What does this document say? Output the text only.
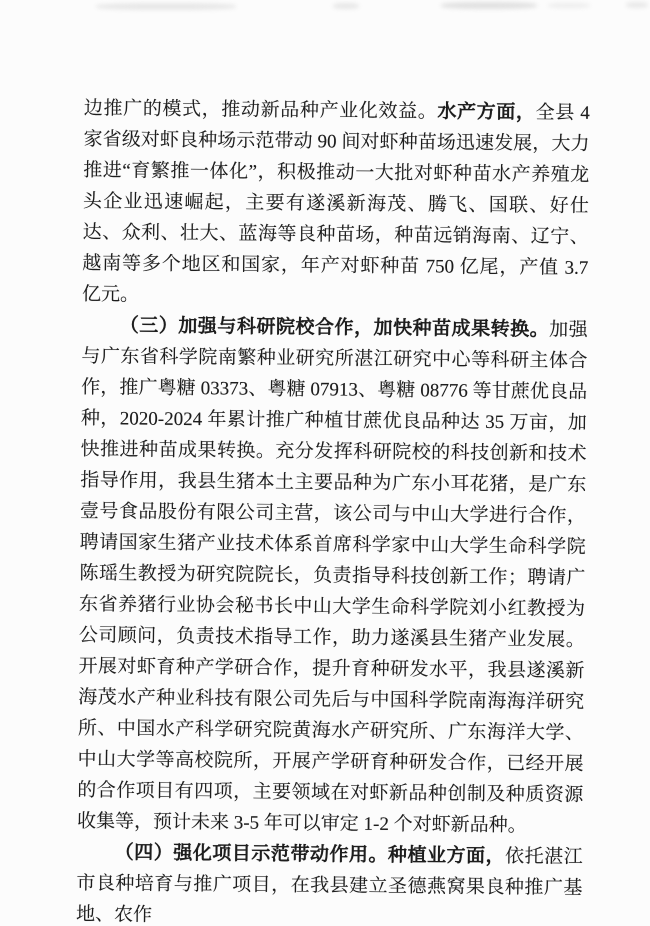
边推广的模式，推动新品种产业化效益。水产方面，全县 4 家省级对虾良种场示范带动 90 间对虾种苗场迅速发展，大力推进“育繁推一体化”，积极推动一大批对虾种苗水产养殖龙头企业迅速崛起，主要有遂溪新海茂、腾飞、国联、好仕达、众利、壮大、蓝海等良种苗场，种苗远销海南、辽宁、越南等多个地区和国家，年产对虾种苗 750 亿尾，产值 3.7 亿元。

（三）加强与科研院校合作，加快种苗成果转换。加强与广东省科学院南繁种业研究所湛江研究中心等科研主体合作，推广粤糖 03373、粤糖 07913、粤糖 08776 等甘蔗优良品种，2020-2024 年累计推广种植甘蔗优良品种达 35 万亩，加快推进种苗成果转换。充分发挥科研院校的科技创新和技术指导作用，我县生猪本土主要品种为广东小耳花猪，是广东壹号食品股份有限公司主营，该公司与中山大学进行合作，聘请国家生猪产业技术体系首席科学家中山大学生命科学院陈瑶生教授为研究院院长，负责指导科技创新工作；聘请广东省养猪行业协会秘书长中山大学生命科学院刘小红教授为公司顾问，负责技术指导工作，助力遂溪县生猪产业发展。开展对虾育种产学研合作，提升育种研发水平，我县遂溪新海茂水产种业科技有限公司先后与中国科学院南海海洋研究所、中国水产科学研究院黄海水产研究所、广东海洋大学、中山大学等高校院所，开展产学研育种研发合作，已经开展的合作项目有四项，主要领域在对虾新品种创制及种质资源收集等，预计未来 3-5 年可以审定 1-2 个对虾新品种。

（四）强化项目示范带动作用。种植业方面，依托湛江市良种培育与推广项目，在我县建立圣德燕窝果良种推广基地、农作
